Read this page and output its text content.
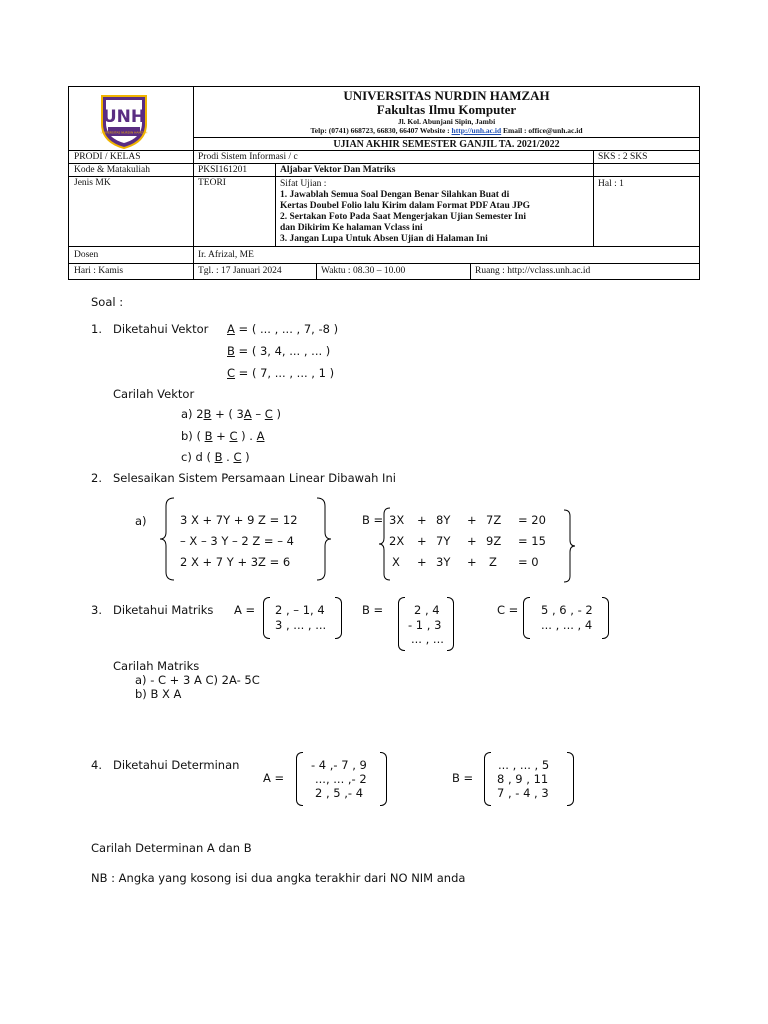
UNH
UNIVERSITAS NURDIN HAMZAH
UNIVERSITAS NURDIN HAMZAH
Fakultas Ilmu Komputer
Jl. Kol. Abunjani Sipin, Jambi
Telp: (0741) 668723, 66830, 66407 Website : http://unh.ac.id Email : office@unh.ac.id
UJIAN AKHIR SEMESTER GANJIL TA. 2021/2022
PRODI / KELAS	Prodi Sistem Informasi / c	SKS : 2 SKS
Kode & Matakuliah	PKSI161201	Aljabar Vektor Dan Matriks
Jenis MK	TEORI	Sifat Ujian :
1. Jawablah Semua Soal Dengan Benar Silahkan Buat di
Kertas Doubel Folio lalu Kirim dalam Format PDF Atau JPG
2. Sertakan Foto Pada Saat Mengerjakan Ujian Semester Ini
dan Dikirim Ke halaman Vclass ini
3. Jangan Lupa Untuk Absen Ujian di Halaman Ini
Hal : 1
Dosen	Ir. Afrizal, ME
Hari : Kamis	Tgl. : 17 Januari 2024	Waktu : 08.30 – 10.00	Ruang : http://vclass.unh.ac.id
Soal :
1. Diketahui Vektor A = ( ... , ... , 7, -8 )
B = ( 3, 4, ... , ... )
C = ( 7, ... , ... , 1 )
Carilah Vektor
a) 2B + ( 3A – C )
b) ( B + C ) . A
c) d ( B . C )
2. Selesaikan Sistem Persamaan Linear Dibawah Ini
a)	3 X + 7Y + 9 Z = 12
– X – 3 Y – 2 Z = – 4
2 X + 7 Y + 3Z = 6
B = 3X + 8Y + 7Z = 20
2X + 7Y + 9Z = 15
X + 3Y + Z = 0
3. Diketahui Matriks A = 2 , – 1, 4
3 , ... , ...
B =	2 , 4
- 1 , 3
... , ...
C = 5 , 6 , - 2
... , ... , 4
Carilah Matriks
a) - C + 3 A C) 2A- 5C
b) B X A
4. Diketahui Determinan
A =
- 4 ,- 7 , 9
..., ... ,- 2
2 , 5 ,- 4
B =
... , ... , 5
8 , 9 , 11
7 , - 4 , 3
Carilah Determinan A dan B
NB : Angka yang kosong isi dua angka terakhir dari NO NIM anda
